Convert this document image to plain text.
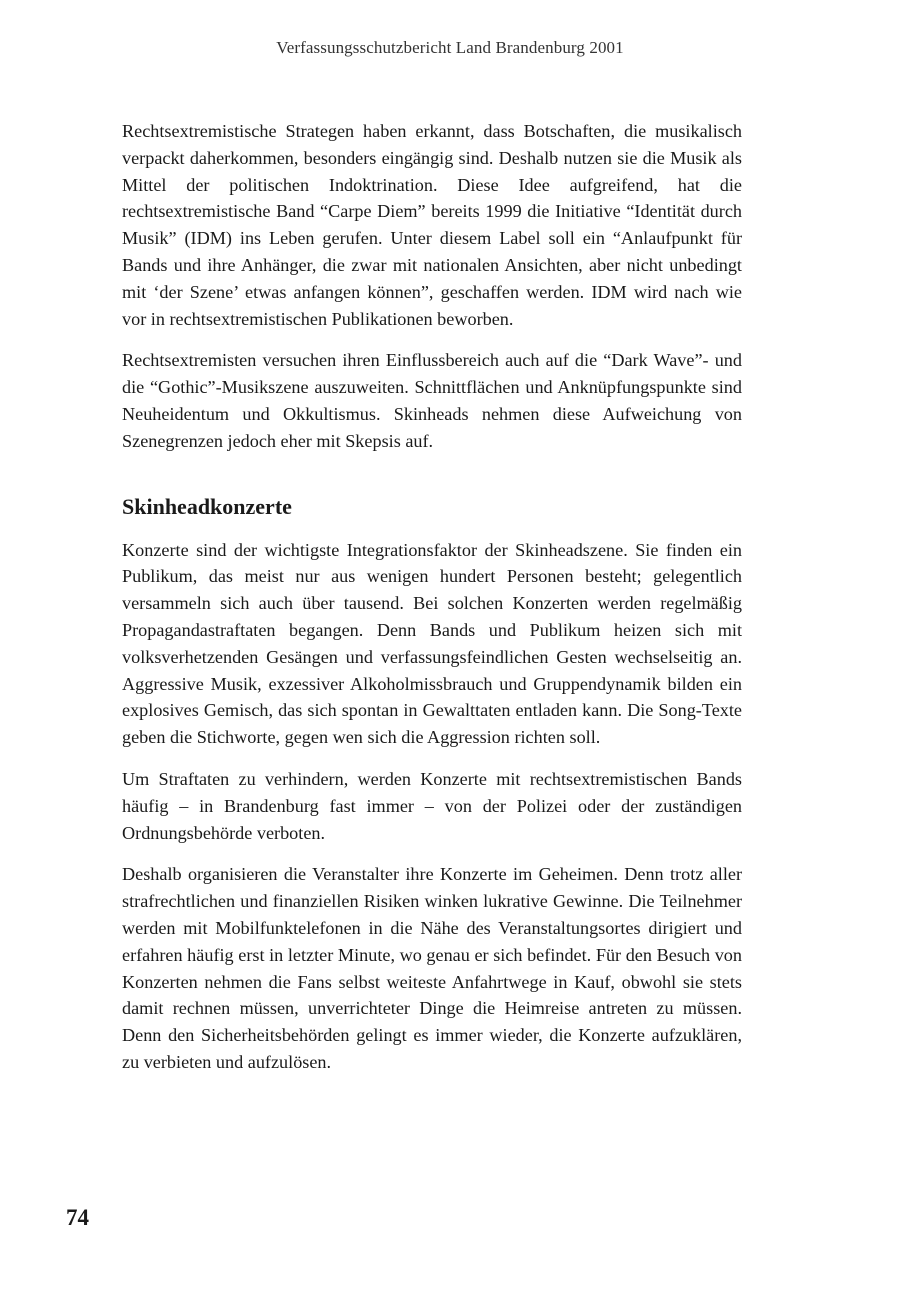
Verfassungsschutzbericht Land Brandenburg 2001

Rechtsextremistische Strategen haben erkannt, dass Botschaften, die musikalisch verpackt daherkommen, besonders eingängig sind. Deshalb nutzen sie die Musik als Mittel der politischen Indoktrination. Diese Idee aufgreifend, hat die rechtsextremistische Band “Carpe Diem” bereits 1999 die Initiative “Identität durch Musik” (IDM) ins Leben gerufen. Unter diesem Label soll ein “Anlaufpunkt für Bands und ihre Anhänger, die zwar mit nationalen Ansichten, aber nicht unbedingt mit ‘der Szene’ etwas anfangen können”, geschaffen werden. IDM wird nach wie vor in rechtsextremistischen Publikationen beworben.

Rechtsextremisten versuchen ihren Einflussbereich auch auf die “Dark Wave”- und die “Gothic”-Musikszene auszuweiten. Schnittflächen und Anknüpfungspunkte sind Neuheidentum und Okkultismus. Skinheads nehmen diese Aufweichung von Szenegrenzen jedoch eher mit Skepsis auf.

Skinheadkonzerte

Konzerte sind der wichtigste Integrationsfaktor der Skinheadszene. Sie finden ein Publikum, das meist nur aus wenigen hundert Personen besteht; gelegentlich versammeln sich auch über tausend. Bei solchen Konzerten werden regelmäßig Propagandastraftaten begangen. Denn Bands und Publikum heizen sich mit volksverhetzenden Gesängen und verfassungsfeindlichen Gesten wechselseitig an. Aggressive Musik, exzessiver Alkoholmissbrauch und Gruppendynamik bilden ein explosives Gemisch, das sich spontan in Gewalttaten entladen kann. Die Song-Texte geben die Stichworte, gegen wen sich die Aggression richten soll.

Um Straftaten zu verhindern, werden Konzerte mit rechtsextremistischen Bands häufig – in Brandenburg fast immer – von der Polizei oder der zuständigen Ordnungsbehörde verboten.

Deshalb organisieren die Veranstalter ihre Konzerte im Geheimen. Denn trotz aller strafrechtlichen und finanziellen Risiken winken lukrative Gewinne. Die Teilnehmer werden mit Mobilfunktelefonen in die Nähe des Veranstaltungsortes dirigiert und erfahren häufig erst in letzter Minute, wo genau er sich befindet. Für den Besuch von Konzerten nehmen die Fans selbst weiteste Anfahrtwege in Kauf, obwohl sie stets damit rechnen müssen, unverrichteter Dinge die Heimreise antreten zu müssen. Denn den Sicherheitsbehörden gelingt es immer wieder, die Konzerte aufzuklären, zu verbieten und aufzulösen.

74
